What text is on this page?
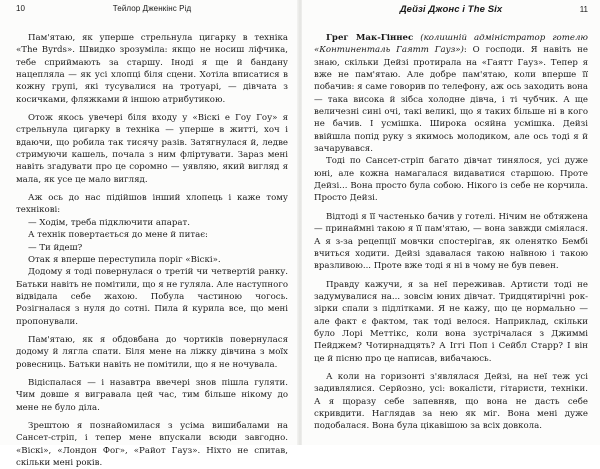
10	Тейлор Дженкінс Рід

Пам'ятаю, як уперше стрельнула цигарку в техніка «The Byrds». Швидко зрозуміла: якщо не носиш ліфчика, тебе сприймають за старшу. Іноді я ще й бандану нацепляла — як усі хлопці біля сцени. Хотіла вписатися в кожну групі, які тусувалися на тротуарі, — дівчата з косичками, фляжками й іншою атрибутикою.

Отож якось увечері біля входу у «Віскі е Гоу Гоу» я стрельнула цигарку в техніка — уперше в житті, хоч і вдаючи, що робила так тисячу разів. Затягнулася й, ледве стримуючи кашель, почала з ним фліртувати. Зараз мені навіть згадувати про це соромно — уявляю, який вигляд я мала, як усе це мало вигляд.

Аж ось до нас підійшов інший хлопець і каже тому технікові:

— Ходім, треба підключити апарат.

А технік повертається до мене й питає:

— Ти йдеш?

Отак я вперше переступила поріг «Віскі».

Додому я тоді повернулася о третій чи четвертій ранку. Батьки навіть не помітили, що я не гуляла. Але наступного відвідала себе жахою. Побула частиною чогось. Розігналася з нуля до сотні. Пила й курила все, що мені пропонували.

Пам'ятаю, як я обдовбана до чортиків повернулася додому й лягла спати. Біля мене на ліжку дівчина з моїх ровесниць. Батьки навіть не помітили, що я не ночувала.

Відіспалася — і назавтра ввечері знов пішла гуляти. Чим довше я вигравала цей час, тим більше нікому до мене не було діла.

Зрештою я познайомилася з усіма вишибалами на Сансет-стріп, і тепер мене впускали всюди завгодно. «Віскі», «Лондон Фог», «Райот Гауз». Ніхто не спитав, скільки мені років.

Дейзі Джонс і The Six	11

Грег Мак-Гіннес (колишній адміністратор готелю «Континенталь Гаятт Гауз»): О господи. Я навіть не знаю, скільки Дейзі протирала на «Гаятт Гауз». Тепер я вже не пам'ятаю. Але добре пам'ятаю, коли вперше її побачив: я саме говорив по телефону, аж ось заходить вона — така висока й зібса холодне дівча, і ті чубчик. А ще величезні сині очі, такі великі, що я таких більше ні в кого не бачив. І усмішка. Широка осяйна усмішка. Дейзі ввійшла попід руку з якимось молодиком, але ось тоді я й зачарувався.

Тоді по Сансет-стріп багато дівчат тинялося, усі дуже юні, але кожна намагалася видаватися старшою. Проте Дейзі... Вона просто була собою. Нікого із себе не корчила. Просто Дейзі.

Відтоді я її частенько бачив у готелі. Нічим не обтяжена — принаймні такою я її пам'ятаю, — вона завжди сміялася. А я з-за рецепції мовчки спостерігав, як оленятко Бембі вчиться ходити. Дейзі здавалася такою наївною і такою вразливою... Проте вже тоді я ні в чому не був певен.

Правду кажучи, я за неї переживав. Артисти тоді не задумувалися на... зовсім юних дівчат. Тридцятирічні рок-зірки спали з підлітками. Я не кажу, що це нормально — але факт є фактом, так тоді велося. Наприклад, скільки було Лорі Меттікс, коли вона зустрічалася з Джиммі Пейджем? Чотирнадцять? А Іггі Поп і Сейбл Старр? І він це й пісню про це написав, вибачаюсь.

А коли на горизонті з'являлася Дейзі, на неї теж усі задивлялися. Серйозно, усі: вокалісти, гітаристи, техніки. А я щоразу себе запевняв, що вона не дасть себе скривдити. Наглядав за нею як міг. Вона мені дуже подобалася. Вона була цікавішою за всіх довкола.
